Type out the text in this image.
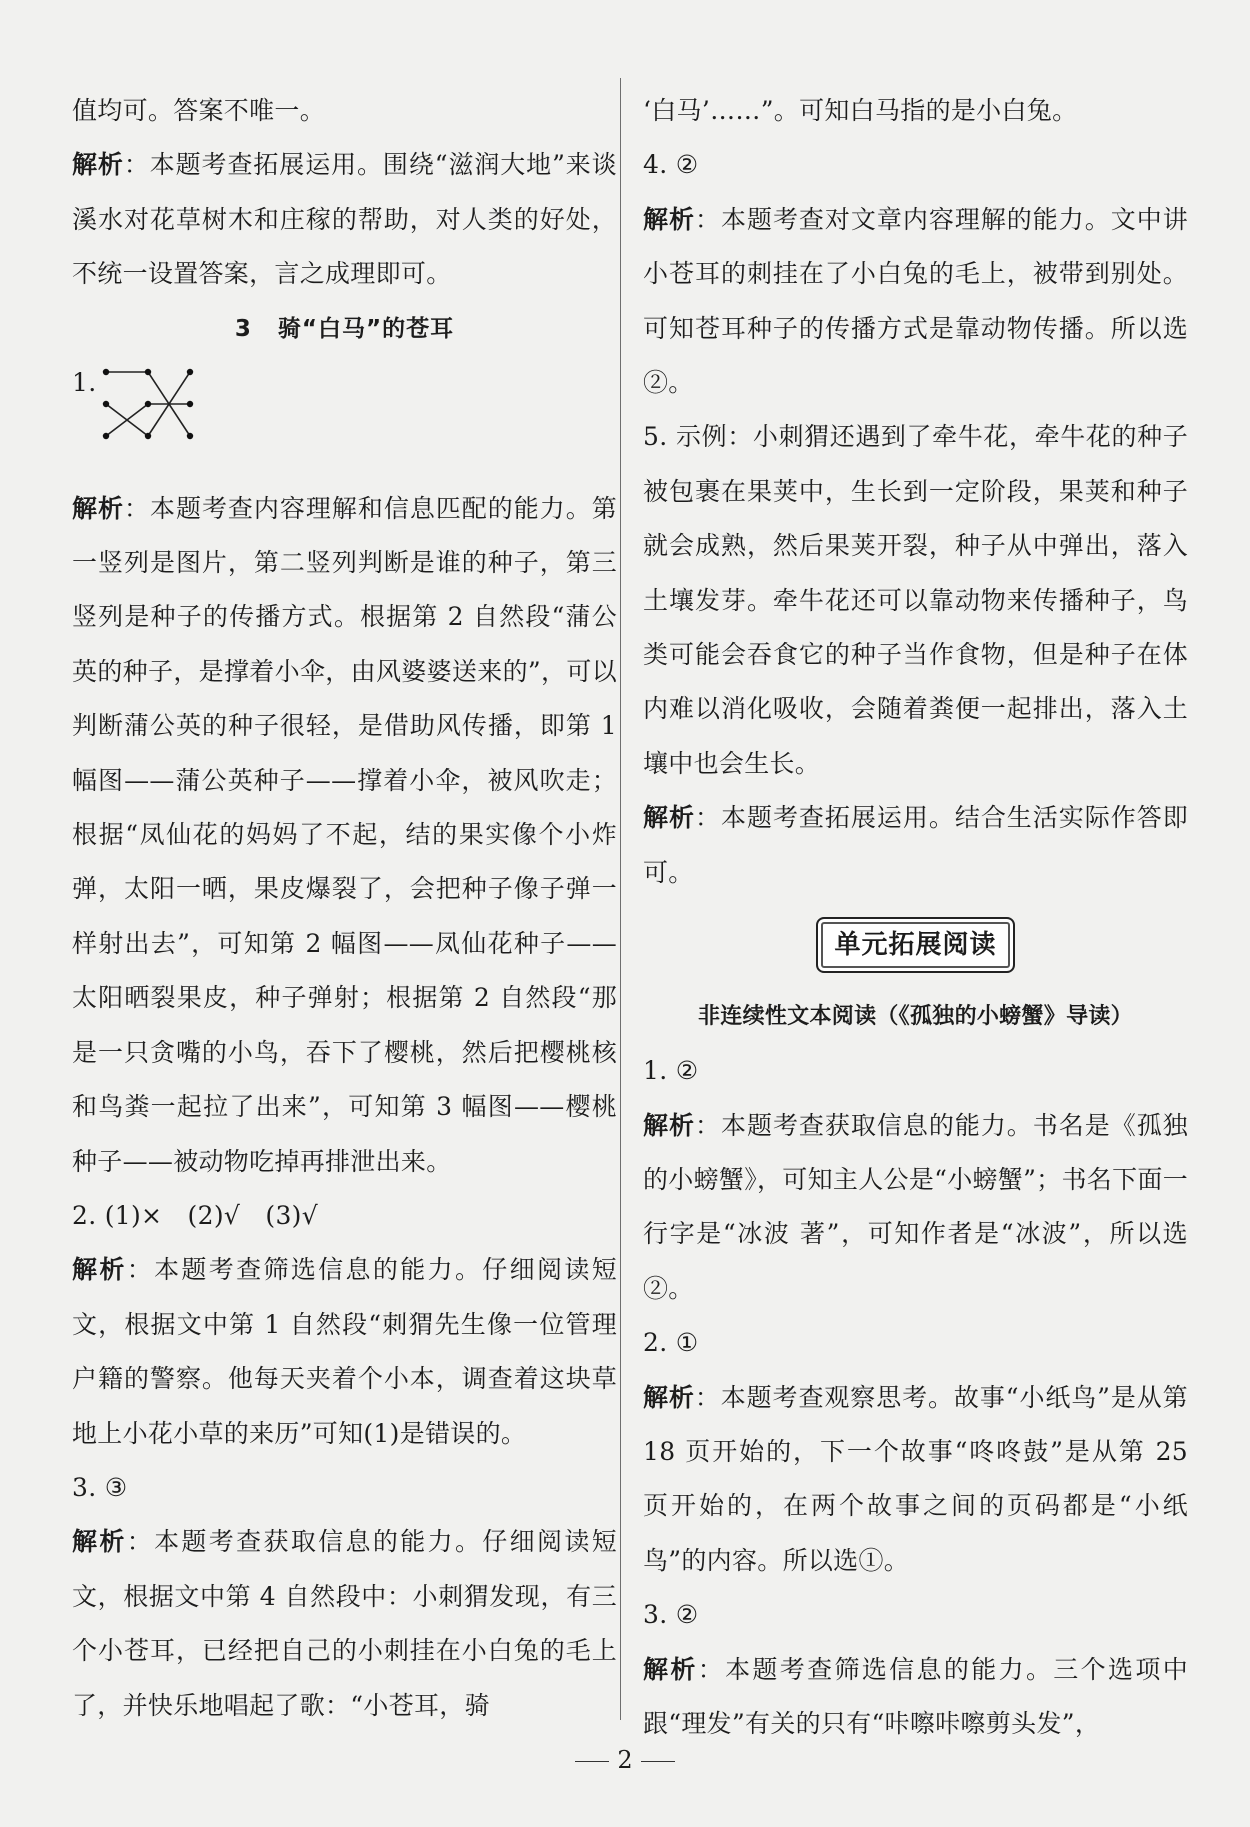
值均可。答案不唯一。

解析：本题考查拓展运用。围绕“滋润大地”来谈溪水对花草树木和庄稼的帮助，对人类的好处，不统一设置答案，言之成理即可。

3 骑“白马”的苍耳
1.

解析：本题考查内容理解和信息匹配的能力。第一竖列是图片，第二竖列判断是谁的种子，第三竖列是种子的传播方式。根据第 2 自然段“蒲公英的种子，是撑着小伞，由风婆婆送来的”，可以判断蒲公英的种子很轻，是借助风传播，即第 1 幅图——蒲公英种子——撑着小伞，被风吹走；根据“凤仙花的妈妈了不起，结的果实像个小炸弹，太阳一晒，果皮爆裂了，会把种子像子弹一样射出去”，可知第 2 幅图——凤仙花种子——太阳晒裂果皮，种子弹射；根据第 2 自然段“那是一只贪嘴的小鸟，吞下了樱桃，然后把樱桃核和鸟粪一起拉了出来”，可知第 3 幅图——樱桃种子——被动物吃掉再排泄出来。

2. (1)×　(2)√　(3)√

解析：本题考查筛选信息的能力。仔细阅读短文，根据文中第 1 自然段“刺猬先生像一位管理户籍的警察。他每天夹着个小本，调查着这块草地上小花小草的来历”可知(1)是错误的。

3. ③

解析：本题考查获取信息的能力。仔细阅读短文，根据文中第 4 自然段中：小刺猬发现，有三个小苍耳，已经把自己的小刺挂在小白兔的毛上了，并快乐地唱起了歌：“小苍耳，骑

‘白马’……”。可知白马指的是小白兔。

4. ②

解析：本题考查对文章内容理解的能力。文中讲小苍耳的刺挂在了小白兔的毛上，被带到别处。可知苍耳种子的传播方式是靠动物传播。所以选②。

5. 示例：小刺猬还遇到了牵牛花，牵牛花的种子被包裹在果荚中，生长到一定阶段，果荚和种子就会成熟，然后果荚开裂，种子从中弹出，落入土壤发芽。牵牛花还可以靠动物来传播种子，鸟类可能会吞食它的种子当作食物，但是种子在体内难以消化吸收，会随着粪便一起排出，落入土壤中也会生长。

解析：本题考查拓展运用。结合生活实际作答即可。

单元拓展阅读
非连续性文本阅读（《孤独的小螃蟹》导读）

1. ②

解析：本题考查获取信息的能力。书名是《孤独的小螃蟹》，可知主人公是“小螃蟹”；书名下面一行字是“冰波 著”，可知作者是“冰波”，所以选②。

2. ①

解析：本题考查观察思考。故事“小纸鸟”是从第 18 页开始的，下一个故事“咚咚鼓”是从第 25 页开始的，在两个故事之间的页码都是“小纸鸟”的内容。所以选①。

3. ②

解析：本题考查筛选信息的能力。三个选项中跟“理发”有关的只有“咔嚓咔嚓剪头发”，

2
